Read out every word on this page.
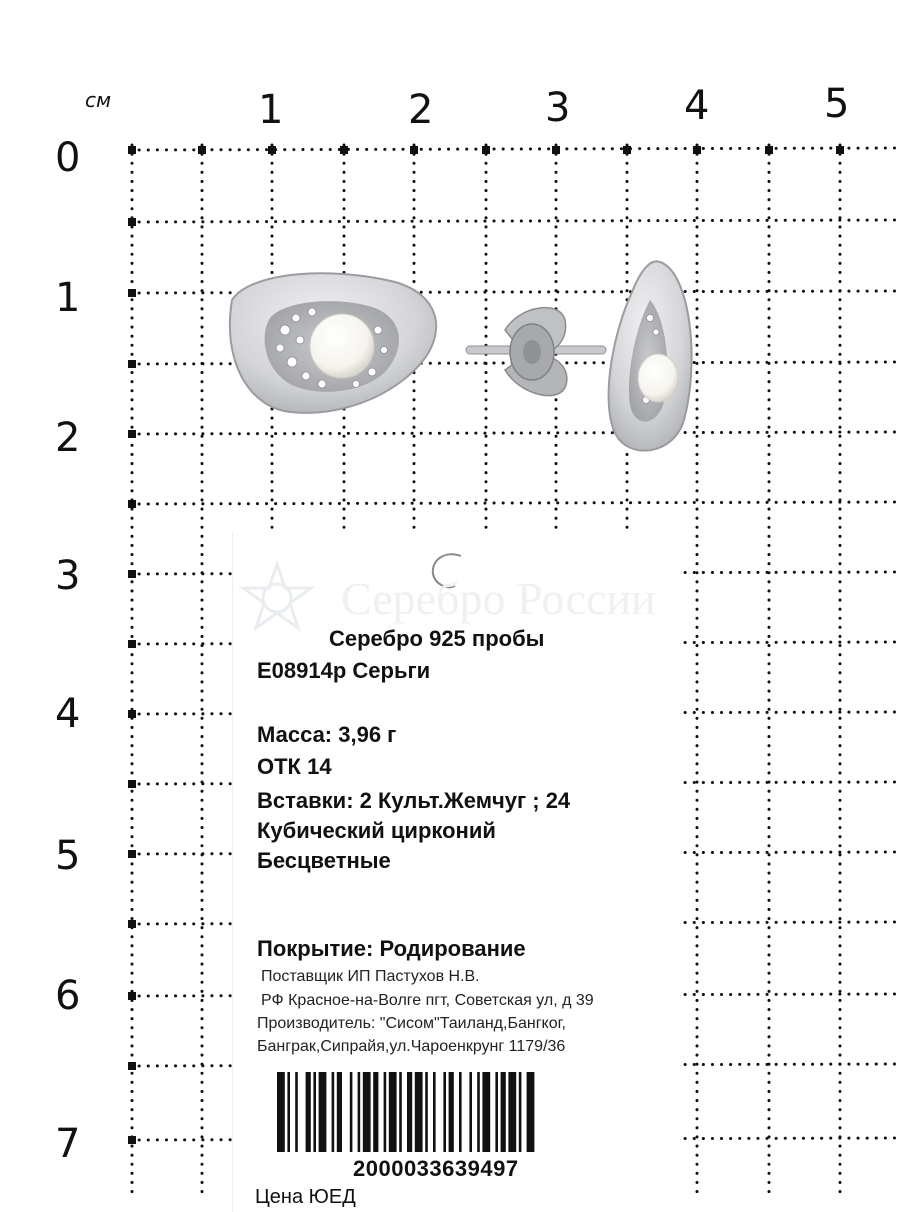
см	1	2	3	4	5
0
1
2
3
4
5
6
7
Серебро России
Серебро 925 пробы
E08914р Серьги
Масса: 3,96 г
ОТК 14
Вставки: 2 Культ.Жемчуг ; 24
Кубический цирконий
Бесцветные
Покрытие: Родирование
Поставщик ИП Пастухов Н.В.
РФ Красное-на-Волге пгт, Советская ул, д 39
Производитель: "Сисом"Таиланд,Бангког,
Банграк,Сипрайя,ул.Чароенкрунг 1179/36
2000033639497
Цена ЮЕД
